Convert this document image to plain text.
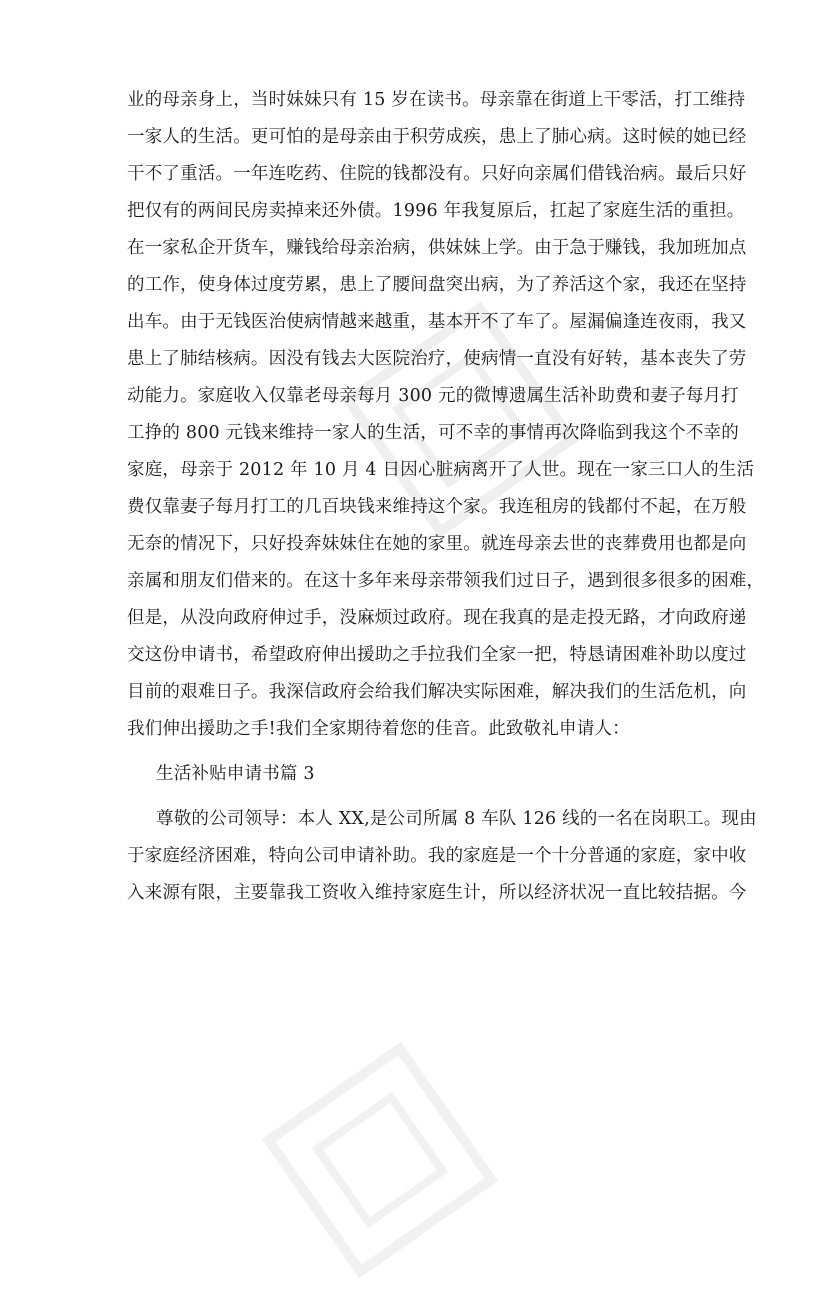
业的母亲身上，当时妹妹只有 15 岁在读书。母亲靠在街道上干零活，打工维持
一家人的生活。更可怕的是母亲由于积劳成疾，患上了肺心病。这时候的她已经
干不了重活。一年连吃药、住院的钱都没有。只好向亲属们借钱治病。最后只好
把仅有的两间民房卖掉来还外债。1996 年我复原后，扛起了家庭生活的重担。
在一家私企开货车，赚钱给母亲治病，供妹妹上学。由于急于赚钱，我加班加点
的工作，使身体过度劳累，患上了腰间盘突出病，为了养活这个家，我还在坚持
出车。由于无钱医治使病情越来越重，基本开不了车了。屋漏偏逢连夜雨，我又
患上了肺结核病。因没有钱去大医院治疗，使病情一直没有好转，基本丧失了劳
动能力。家庭收入仅靠老母亲每月 300 元的微博遗属生活补助费和妻子每月打
工挣的 800 元钱来维持一家人的生活，可不幸的事情再次降临到我这个不幸的
家庭，母亲于 2012 年 10 月 4 日因心脏病离开了人世。现在一家三口人的生活
费仅靠妻子每月打工的几百块钱来维持这个家。我连租房的钱都付不起，在万般
无奈的情况下，只好投奔妹妹住在她的家里。就连母亲去世的丧葬费用也都是向
亲属和朋友们借来的。在这十多年来母亲带领我们过日子，遇到很多很多的困难，
但是，从没向政府伸过手，没麻烦过政府。现在我真的是走投无路，才向政府递
交这份申请书，希望政府伸出援助之手拉我们全家一把，特恳请困难补助以度过
目前的艰难日子。我深信政府会给我们解决实际困难，解决我们的生活危机，向
我们伸出援助之手!我们全家期待着您的佳音。此致敬礼申请人：
生活补贴申请书篇 3
尊敬的公司领导：本人 XX,是公司所属 8 车队 126 线的一名在岗职工。现由
于家庭经济困难，特向公司申请补助。我的家庭是一个十分普通的家庭，家中收
入来源有限，主要靠我工资收入维持家庭生计，所以经济状况一直比较拮据。今
